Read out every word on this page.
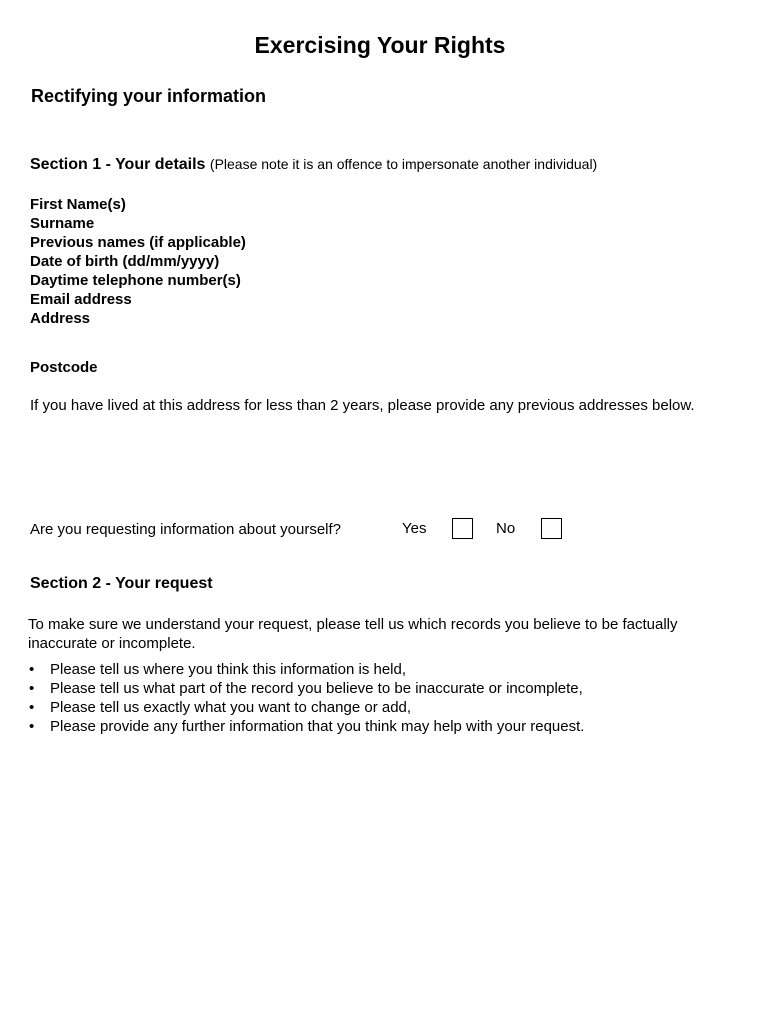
Exercising Your Rights
Rectifying your information
Section 1 - Your details (Please note it is an offence to impersonate another individual)
First Name(s)
Surname
Previous names (if applicable)
Date of birth (dd/mm/yyyy)
Daytime telephone number(s)
Email address
Address
Postcode
If you have lived at this address for less than 2 years, please provide any previous addresses below.
Are you requesting information about yourself?	Yes	No
Section 2 - Your request
To make sure we understand your request, please tell us which records you believe to be factually inaccurate or incomplete.
• Please tell us where you think this information is held,
• Please tell us what part of the record you believe to be inaccurate or incomplete,
• Please tell us exactly what you want to change or add,
• Please provide any further information that you think may help with your request.
